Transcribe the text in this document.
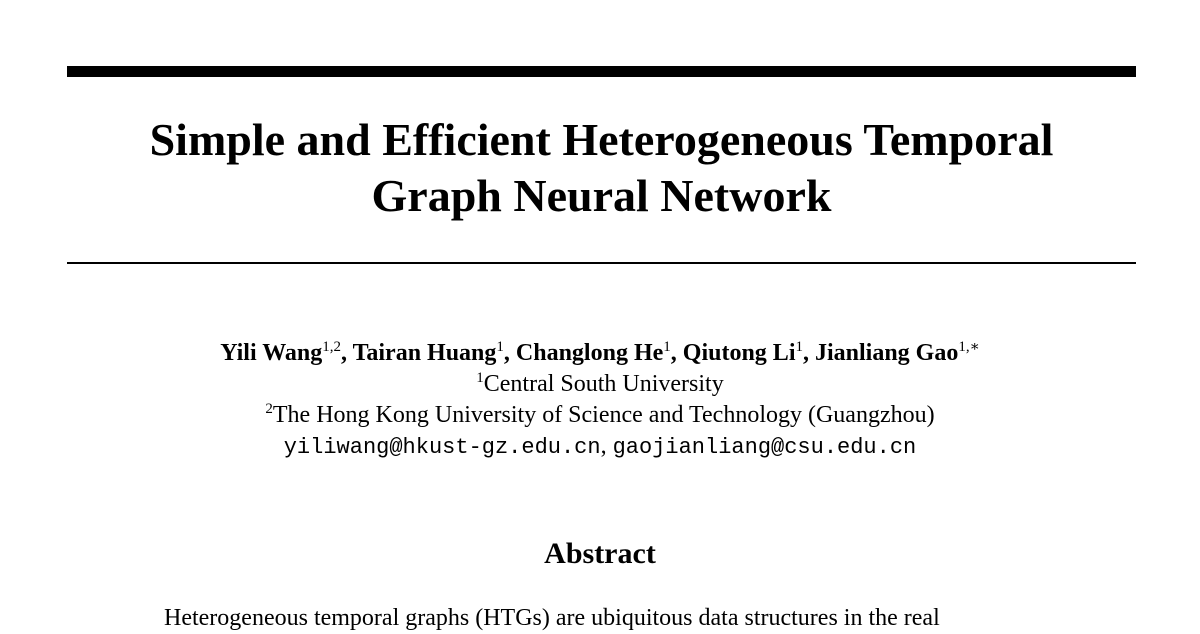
Simple and Efficient Heterogeneous Temporal
Graph Neural Network
Yili Wang$^{1,2}$, Tairan Huang$^1$, Changlong He$^1$, Qiutong Li$^1$, Jianliang Gao$^{1,∗}$
$^1$Central South University
$^2$The Hong Kong University of Science and Technology (Guangzhou)
yiliwang@hkust-gz.edu.cn, gaojianliang@csu.edu.cn
Abstract
Heterogeneous temporal graphs (HTGs) are ubiquitous data structures in the real
